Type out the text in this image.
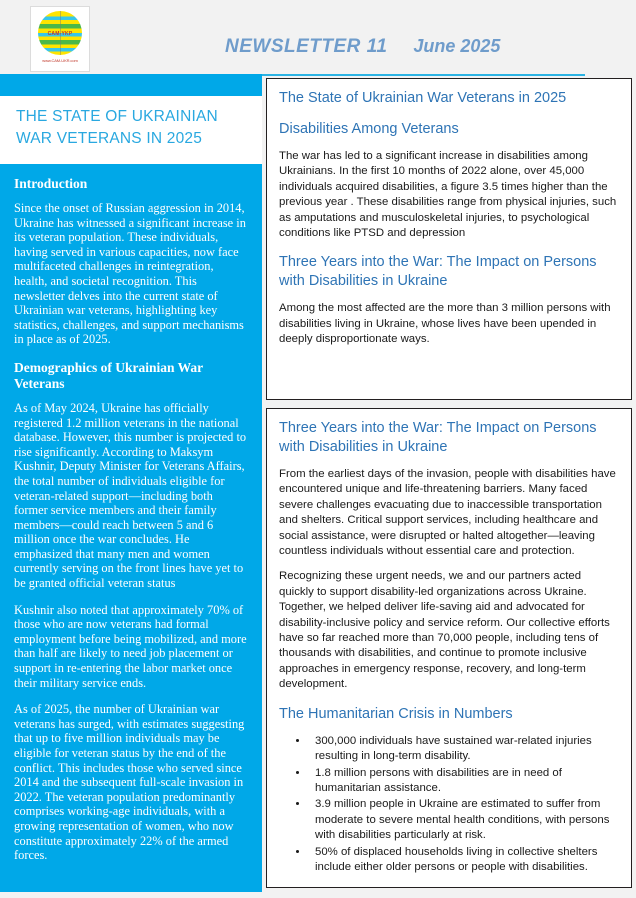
CAM-YKP
www.CAM-UKR.com
NEWSLETTER 11 June 2025
THE STATE OF UKRAINIAN WAR VETERANS IN 2025
Introduction

Since the onset of Russian aggression in 2014, Ukraine has witnessed a significant increase in its veteran population. These individuals, having served in various capacities, now face multifaceted challenges in reintegration, health, and societal recognition. This newsletter delves into the current state of Ukrainian war veterans, highlighting key statistics, challenges, and support mechanisms in place as of 2025.

Demographics of Ukrainian War Veterans

As of May 2024, Ukraine has officially registered 1.2 million veterans in the national database. However, this number is projected to rise significantly. According to Maksym Kushnir, Deputy Minister for Veterans Affairs, the total number of individuals eligible for veteran-related support—including both former service members and their family members—could reach between 5 and 6 million once the war concludes. He emphasized that many men and women currently serving on the front lines have yet to be granted official veteran status

Kushnir also noted that approximately 70% of those who are now veterans had formal employment before being mobilized, and more than half are likely to need job placement or support in re-entering the labor market once their military service ends.

As of 2025, the number of Ukrainian war veterans has surged, with estimates suggesting that up to five million individuals may be eligible for veteran status by the end of the conflict. This includes those who served since 2014 and the subsequent full-scale invasion in 2022. The veteran population predominantly comprises working-age individuals, with a growing representation of women, who now constitute approximately 22% of the armed forces.

The State of Ukrainian War Veterans in 2025
Disabilities Among Veterans

The war has led to a significant increase in disabilities among Ukrainians. In the first 10 months of 2022 alone, over 45,000 individuals acquired disabilities, a figure 3.5 times higher than the previous year . These disabilities range from physical injuries, such as amputations and musculoskeletal injuries, to psychological conditions like PTSD and depression

Three Years into the War: The Impact on Persons with Disabilities in Ukraine

Among the most affected are the more than 3 million persons with disabilities living in Ukraine, whose lives have been upended in deeply disproportionate ways.

Three Years into the War: The Impact on Persons with Disabilities in Ukraine

From the earliest days of the invasion, people with disabilities have encountered unique and life-threatening barriers. Many faced severe challenges evacuating due to inaccessible transportation and shelters. Critical support services, including healthcare and social assistance, were disrupted or halted altogether—leaving countless individuals without essential care and protection.

Recognizing these urgent needs, we and our partners acted quickly to support disability-led organizations across Ukraine. Together, we helped deliver life-saving aid and advocated for disability-inclusive policy and service reform. Our collective efforts have so far reached more than 70,000 people, including tens of thousands with disabilities, and continue to promote inclusive approaches in emergency response, recovery, and long-term development.

The Humanitarian Crisis in Numbers
• 300,000 individuals have sustained war-related injuries resulting in long-term disability.
• 1.8 million persons with disabilities are in need of humanitarian assistance.
• 3.9 million people in Ukraine are estimated to suffer from moderate to severe mental health conditions, with persons with disabilities particularly at risk.
• 50% of displaced households living in collective shelters include either older persons or people with disabilities.
